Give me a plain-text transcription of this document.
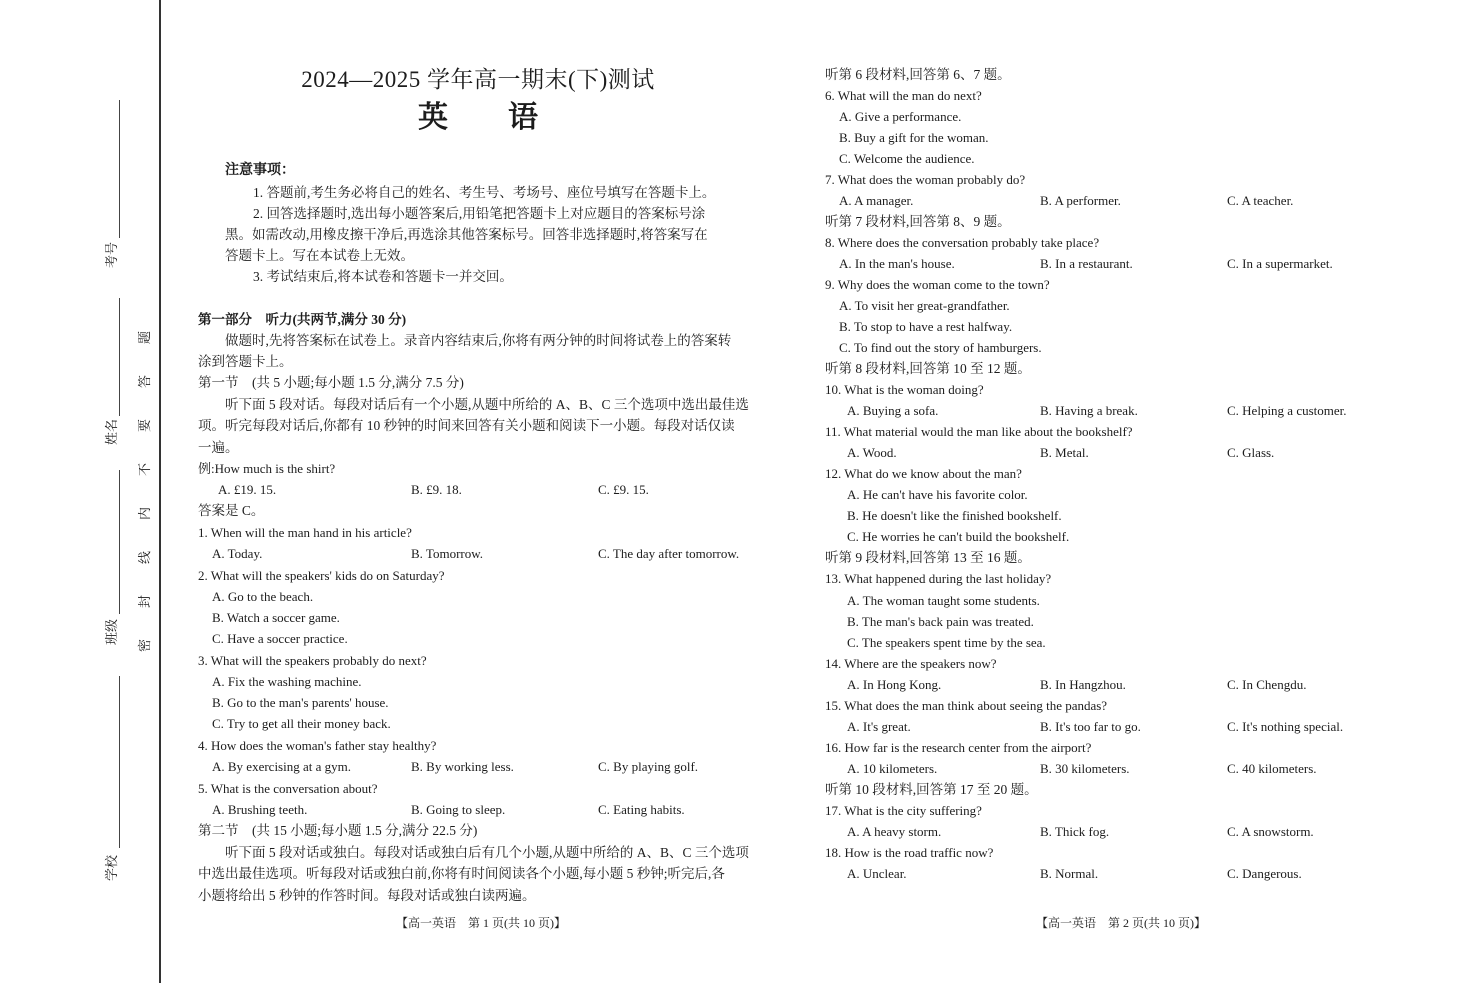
考号
姓名
班级
学校
密封线内不要答题
2024—2025 学年高一期末(下)测试
英　　语
注意事项：
1. 答题前,考生务必将自己的姓名、考生号、考场号、座位号填写在答题卡上。
2. 回答选择题时,选出每小题答案后,用铅笔把答题卡上对应题目的答案标号涂
黑。如需改动,用橡皮擦干净后,再选涂其他答案标号。回答非选择题时,将答案写在
答题卡上。写在本试卷上无效。
3. 考试结束后,将本试卷和答题卡一并交回。
第一部分　听力(共两节,满分 30 分)
做题时,先将答案标在试卷上。录音内容结束后,你将有两分钟的时间将试卷上的答案转
涂到答题卡上。
第一节　(共 5 小题;每小题 1.5 分,满分 7.5 分)
听下面 5 段对话。每段对话后有一个小题,从题中所给的 A、B、C 三个选项中选出最佳选
项。听完每段对话后,你都有 10 秒钟的时间来回答有关小题和阅读下一小题。每段对话仅读
一遍。
例:How much is the shirt?
A. £19. 15.	B. £9. 18.	C. £9. 15.
答案是 C。
1. When will the man hand in his article?
A. Today.	B. Tomorrow.	C. The day after tomorrow.
2. What will the speakers' kids do on Saturday?
A. Go to the beach.
B. Watch a soccer game.
C. Have a soccer practice.
3. What will the speakers probably do next?
A. Fix the washing machine.
B. Go to the man's parents' house.
C. Try to get all their money back.
4. How does the woman's father stay healthy?
A. By exercising at a gym.	B. By working less.	C. By playing golf.
5. What is the conversation about?
A. Brushing teeth.	B. Going to sleep.	C. Eating habits.
第二节　(共 15 小题;每小题 1.5 分,满分 22.5 分)
听下面 5 段对话或独白。每段对话或独白后有几个小题,从题中所给的 A、B、C 三个选项
中选出最佳选项。听每段对话或独白前,你将有时间阅读各个小题,每小题 5 秒钟;听完后,各
小题将给出 5 秒钟的作答时间。每段对话或独白读两遍。
【高一英语　第 1 页(共 10 页)】
听第 6 段材料,回答第 6、7 题。
6. What will the man do next?
A. Give a performance.
B. Buy a gift for the woman.
C. Welcome the audience.
7. What does the woman probably do?
A. A manager.	B. A performer.	C. A teacher.
听第 7 段材料,回答第 8、9 题。
8. Where does the conversation probably take place?
A. In the man's house.	B. In a restaurant.	C. In a supermarket.
9. Why does the woman come to the town?
A. To visit her great-grandfather.
B. To stop to have a rest halfway.
C. To find out the story of hamburgers.
听第 8 段材料,回答第 10 至 12 题。
10. What is the woman doing?
A. Buying a sofa.	B. Having a break.	C. Helping a customer.
11. What material would the man like about the bookshelf?
A. Wood.	B. Metal.	C. Glass.
12. What do we know about the man?
A. He can't have his favorite color.
B. He doesn't like the finished bookshelf.
C. He worries he can't build the bookshelf.
听第 9 段材料,回答第 13 至 16 题。
13. What happened during the last holiday?
A. The woman taught some students.
B. The man's back pain was treated.
C. The speakers spent time by the sea.
14. Where are the speakers now?
A. In Hong Kong.	B. In Hangzhou.	C. In Chengdu.
15. What does the man think about seeing the pandas?
A. It's great.	B. It's too far to go.	C. It's nothing special.
16. How far is the research center from the airport?
A. 10 kilometers.	B. 30 kilometers.	C. 40 kilometers.
听第 10 段材料,回答第 17 至 20 题。
17. What is the city suffering?
A. A heavy storm.	B. Thick fog.	C. A snowstorm.
18. How is the road traffic now?
A. Unclear.	B. Normal.	C. Dangerous.
【高一英语　第 2 页(共 10 页)】
